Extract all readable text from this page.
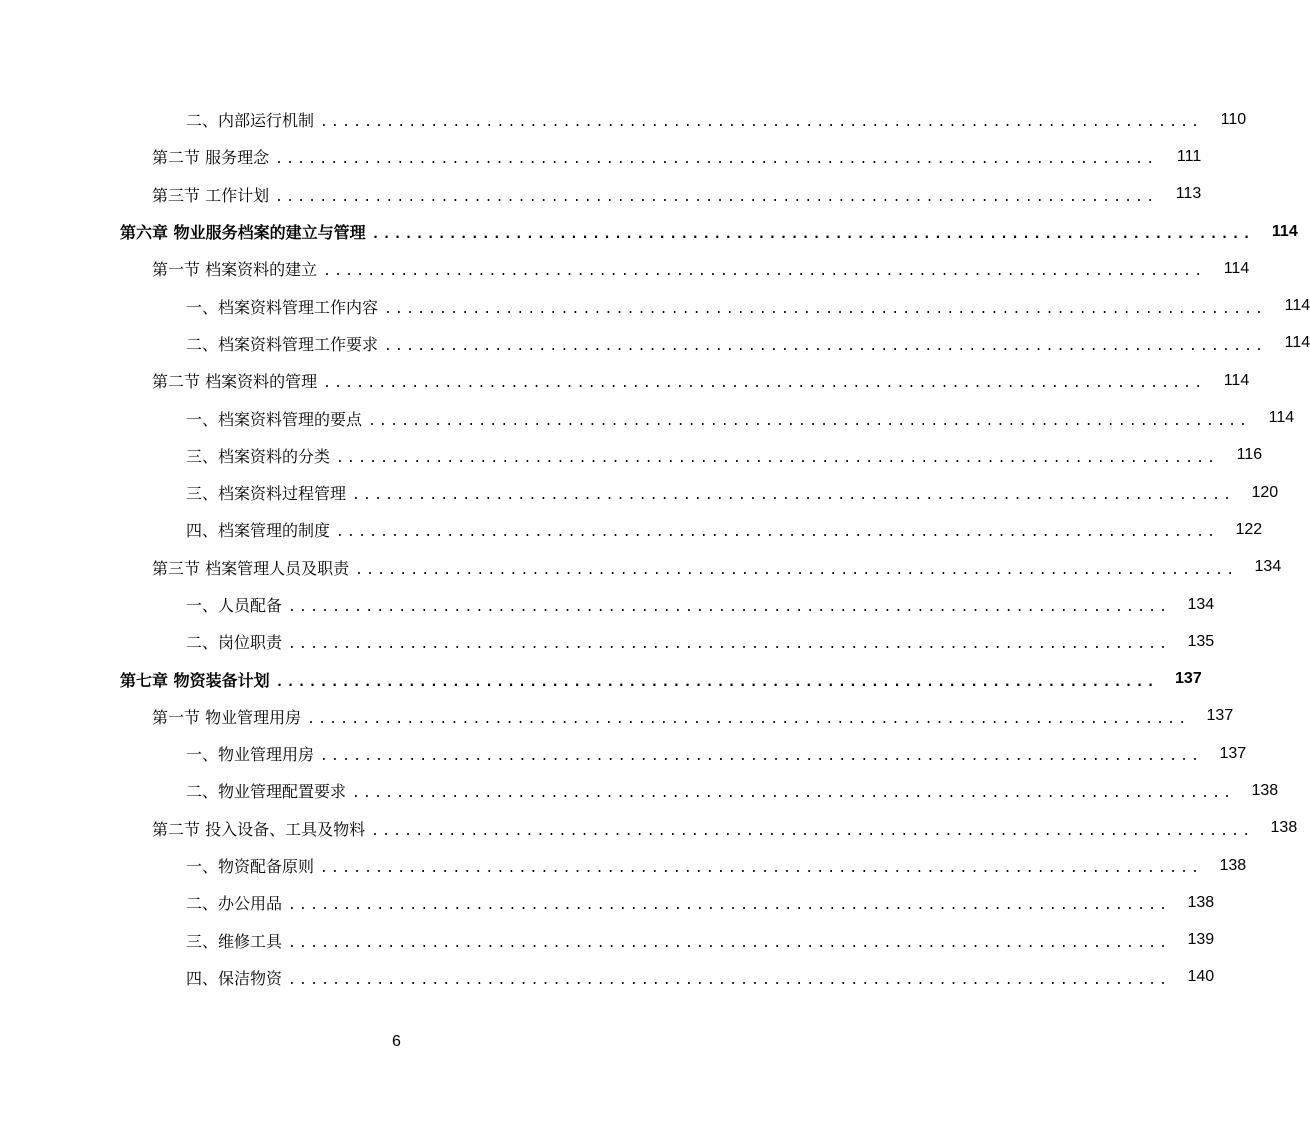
二、内部运行机制 ................................................................................	110
第二节 服务理念 ................................................................................	111
第三节 工作计划 ................................................................................	113
第六章 物业服务档案的建立与管理 ................................................................................	114
第一节 档案资料的建立 ................................................................................	114
一、档案资料管理工作内容 ................................................................................	114
二、档案资料管理工作要求 ................................................................................	114
第二节 档案资料的管理 ................................................................................	114
一、档案资料管理的要点 ................................................................................	114
三、档案资料的分类 ................................................................................	116
三、档案资料过程管理 ................................................................................	120
四、档案管理的制度 ................................................................................	122
第三节 档案管理人员及职责 ................................................................................	134
一、人员配备 ................................................................................	134
二、岗位职责 ................................................................................	135
第七章 物资装备计划 ................................................................................	137
第一节 物业管理用房 ................................................................................	137
一、物业管理用房 ................................................................................	137
二、物业管理配置要求 ................................................................................	138
第二节 投入设备、工具及物料 ................................................................................	138
一、物资配备原则 ................................................................................	138
二、办公用品 ................................................................................	138
三、维修工具 ................................................................................	139
四、保洁物资 ................................................................................	140
6
